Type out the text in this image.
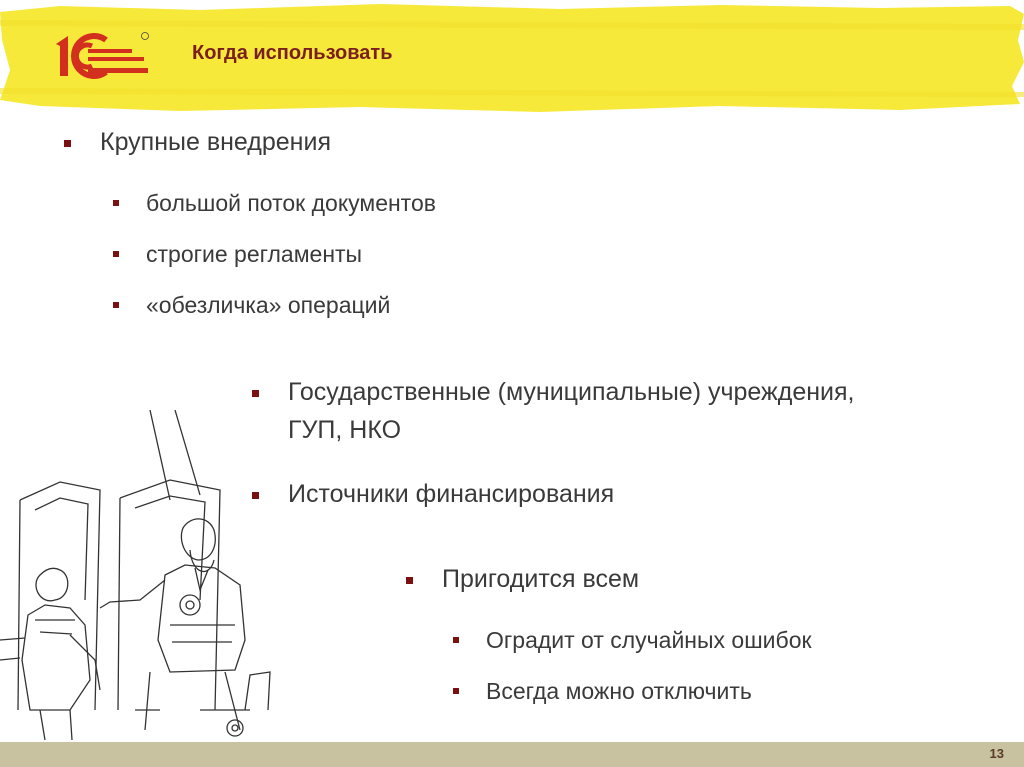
Когда использовать
Крупные внедрения
большой поток документов
строгие регламенты
«обезличка» операций
Государственные (муниципальные) учреждения,
ГУП, НКО
Источники финансирования
Пригодится всем
Оградит от случайных ошибок
Всегда можно отключить
13
